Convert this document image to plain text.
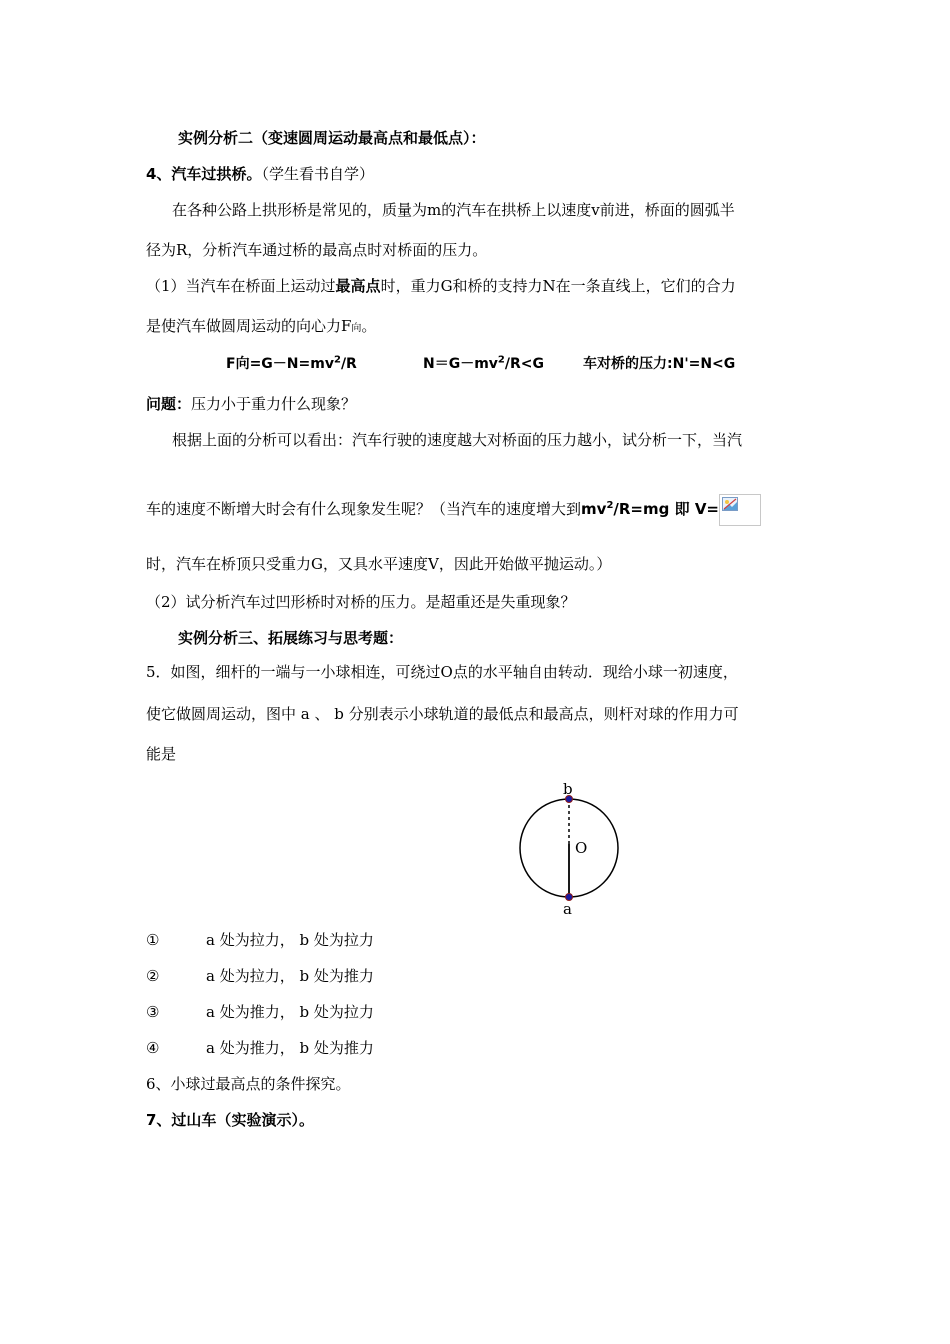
实例分析二（变速圆周运动最高点和最低点）：
4、汽车过拱桥。（学生看书自学）
在各种公路上拱形桥是常见的，质量为m的汽车在拱桥上以速度v前进，桥面的圆弧半
径为R，分析汽车通过桥的最高点时对桥面的压力。
（1）当汽车在桥面上运动过最高点时，重力G和桥的支持力N在一条直线上，它们的合力
是使汽车做圆周运动的向心力F向。
F向$=G-N=mv^2/R$	$N=G-mv^2/R<G$	车对桥的压力:N'=N<G
问题：压力小于重力什么现象？
根据上面的分析可以看出：汽车行驶的速度越大对桥面的压力越小，试分析一下，当汽
车的速度不断增大时会有什么现象发生呢？（当汽车的速度增大到$mv^2/R=mg$ 即 V=
时，汽车在桥顶只受重力G，又具水平速度V，因此开始做平抛运动。）
（2）试分析汽车过凹形桥时对桥的压力。是超重还是失重现象？
实例分析三、拓展练习与思考题：
5．如图，细杆的一端与一小球相连，可绕过O点的水平轴自由转动．现给小球一初速度，
使它做圆周运动，图中 a 、 b 分别表示小球轨道的最低点和最高点，则杆对球的作用力可
能是
b
O
a
①	a 处为拉力， b 处为拉力
②	a 处为拉力， b 处为推力
③	a 处为推力， b 处为拉力
④	a 处为推力， b 处为推力
6、小球过最高点的条件探究。
7、过山车（实验演示）。
